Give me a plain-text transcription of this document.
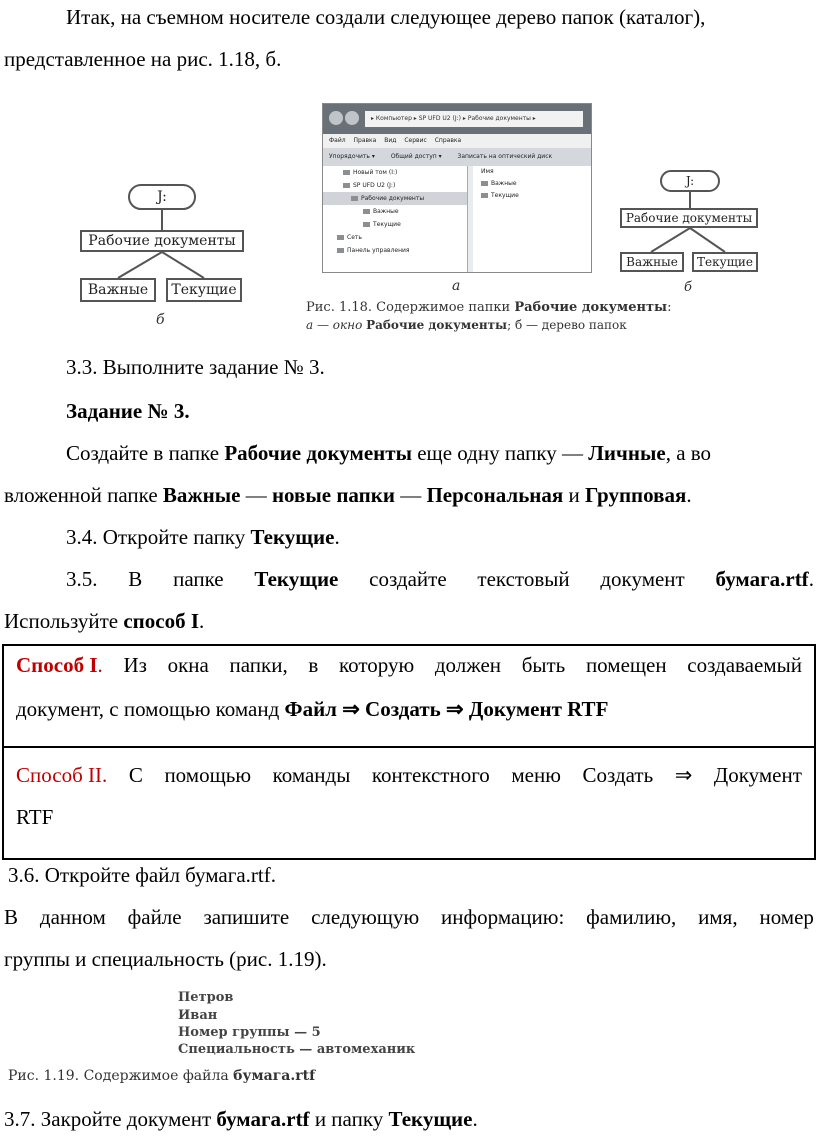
Итак, на съемном носителе создали следующее дерево папок (каталог),
представленное на рис. 1.18, б.
J:
Рабочие документы
Важные	Текущие
б
▸ Компьютер ▸ SP UFD U2 (J:) ▸ Рабочие документы ▸
Файл Правка Вид Сервис Справка
Упорядочить ▾	Общий доступ ▾	Записать на оптический диск
Новый том (I:)
SP UFD U2 (J:)
Рабочие документы
Важные
Текущие
Сеть
Панель управления
Имя
Важные
Текущие
а
J:
Рабочие документы
Важные	Текущие
б
Рис. 1.18. Содержимое папки Рабочие документы:
а — окно Рабочие документы; б — дерево папок
3.3. Выполните задание № 3.
Задание № 3.
Создайте в папке Рабочие документы еще одну папку — Личные, а во
вложенной папке Важные — новые папки — Персональная и Групповая.
3.4. Откройте папку Текущие.
3.5. В папке Текущие создайте текстовый документ бумага.rtf.
Используйте способ I.
Способ I. Из окна папки, в которую должен быть помещен создаваемый
документ, с помощью команд Файл ⇒ Создать ⇒ Документ RTF
Способ II. С помощью команды контекстного меню Создать ⇒ Документ
RTF
3.6. Откройте файл бумага.rtf.
В данном файле запишите следующую информацию: фамилию, имя, номер
группы и специальность (рис. 1.19).
Петров
Иван
Номер группы — 5
Специальность — автомеханик
Рис. 1.19. Содержимое файла бумага.rtf
3.7. Закройте документ бумага.rtf и папку Текущие.
